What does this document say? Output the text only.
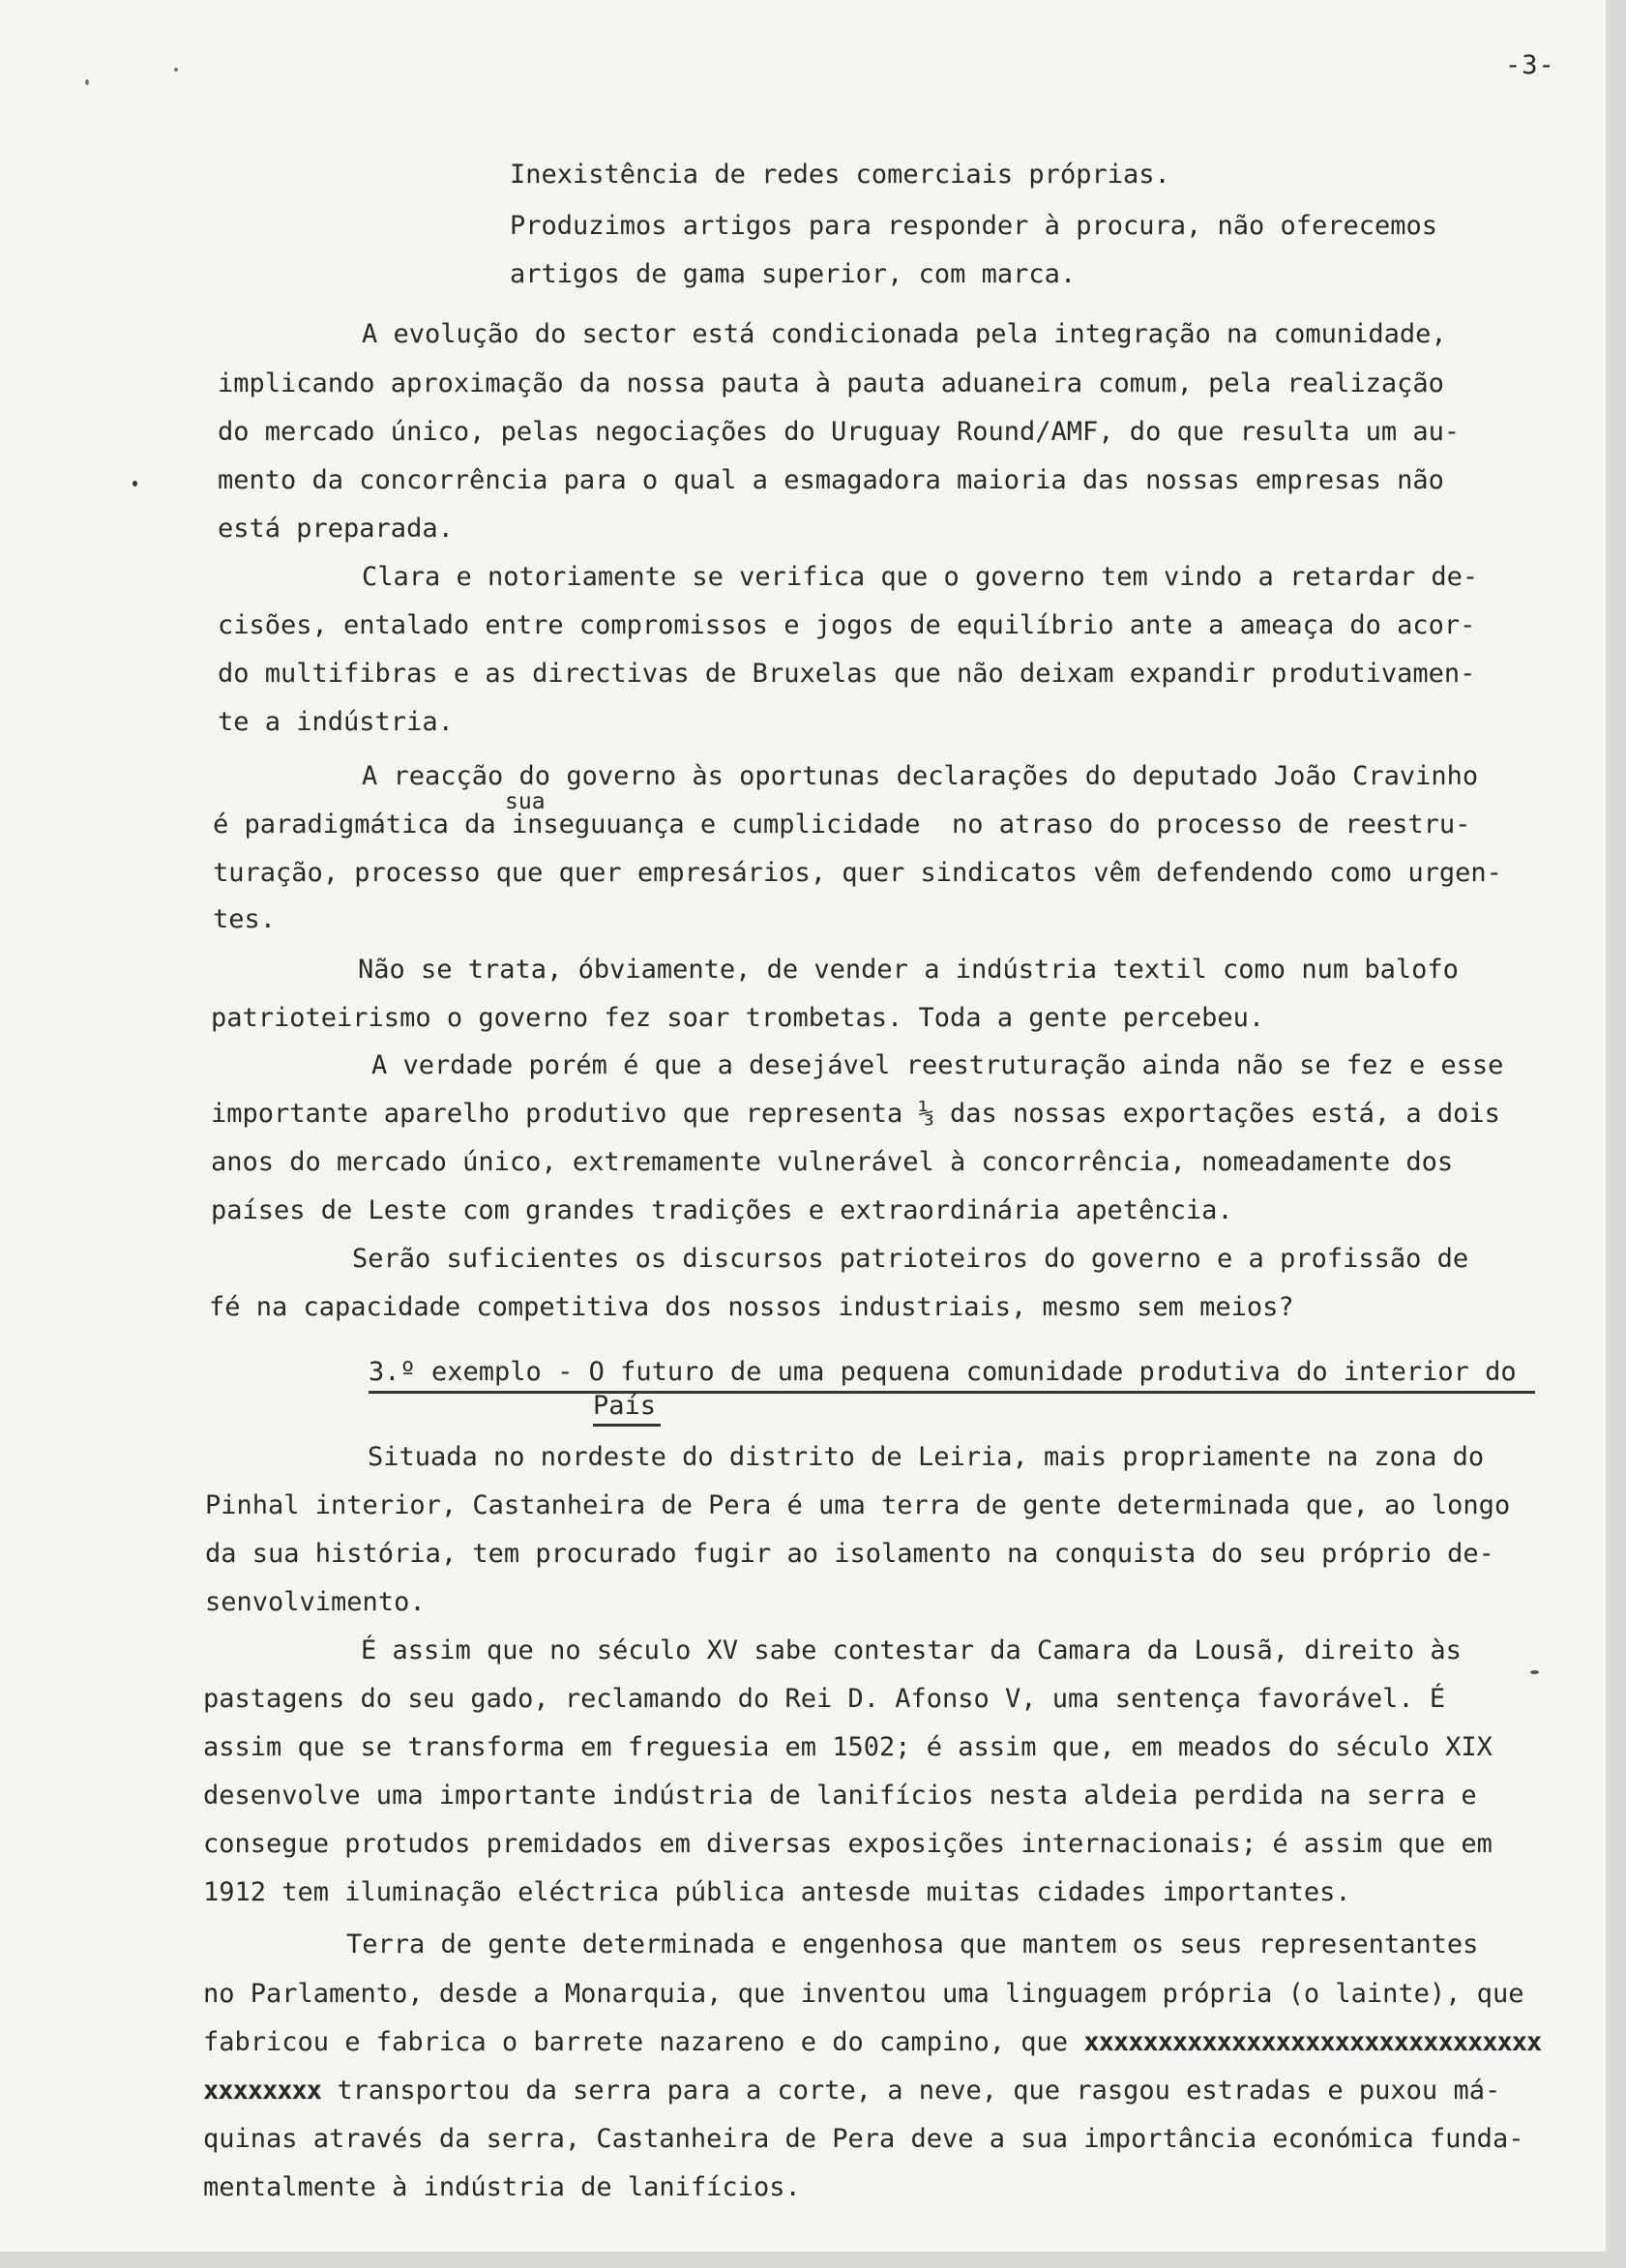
-3-
Inexistência de redes comerciais próprias.
Produzimos artigos para responder à procura, não oferecemos
artigos de gama superior, com marca.
A evolução do sector está condicionada pela integração na comunidade,
implicando aproximação da nossa pauta à pauta aduaneira comum, pela realização
do mercado único, pelas negociações do Uruguay Round/AMF, do que resulta um au-
mento da concorrência para o qual a esmagadora maioria das nossas empresas não
está preparada.
Clara e notoriamente se verifica que o governo tem vindo a retardar de-
cisões, entalado entre compromissos e jogos de equilíbrio ante a ameaça do acor-
do multifibras e as directivas de Bruxelas que não deixam expandir produtivamen-
te a indústria.
A reacção do governo às oportunas declarações do deputado João Cravinho
sua
é paradigmática da inseguuança e cumplicidade  no atraso do processo de reestru-
turação, processo que quer empresários, quer sindicatos vêm defendendo como urgen-
tes.
Não se trata, óbviamente, de vender a indústria textil como num balofo
patrioteirismo o governo fez soar trombetas. Toda a gente percebeu.
A verdade porém é que a desejável reestruturação ainda não se fez e esse
importante aparelho produtivo que representa ⅓ das nossas exportações está, a dois
anos do mercado único, extremamente vulnerável à concorrência, nomeadamente dos
países de Leste com grandes tradições e extraordinária apetência.
Serão suficientes os discursos patrioteiros do governo e a profissão de
fé na capacidade competitiva dos nossos industriais, mesmo sem meios?
3.º exemplo - O futuro de uma pequena comunidade produtiva do interior do
País
Situada no nordeste do distrito de Leiria, mais propriamente na zona do
Pinhal interior, Castanheira de Pera é uma terra de gente determinada que, ao longo
da sua história, tem procurado fugir ao isolamento na conquista do seu próprio de-
senvolvimento.
É assim que no século XV sabe contestar da Camara da Lousã, direito às
pastagens do seu gado, reclamando do Rei D. Afonso V, uma sentença favorável. É
assim que se transforma em freguesia em 1502; é assim que, em meados do século XIX
desenvolve uma importante indústria de lanifícios nesta aldeia perdida na serra e
consegue protudos premidados em diversas exposições internacionais; é assim que em
1912 tem iluminação eléctrica pública antesde muitas cidades importantes.
Terra de gente determinada e engenhosa que mantem os seus representantes
no Parlamento, desde a Monarquia, que inventou uma linguagem própria (o lainte), que
fabricou e fabrica o barrete nazareno e do campino, que xxxxxxxxxxxxxxxxxxxxxxxxxxxxxxx
xxxxxxxx transportou da serra para a corte, a neve, que rasgou estradas e puxou má-
quinas através da serra, Castanheira de Pera deve a sua importância económica funda-
mentalmente à indústria de lanifícios.
